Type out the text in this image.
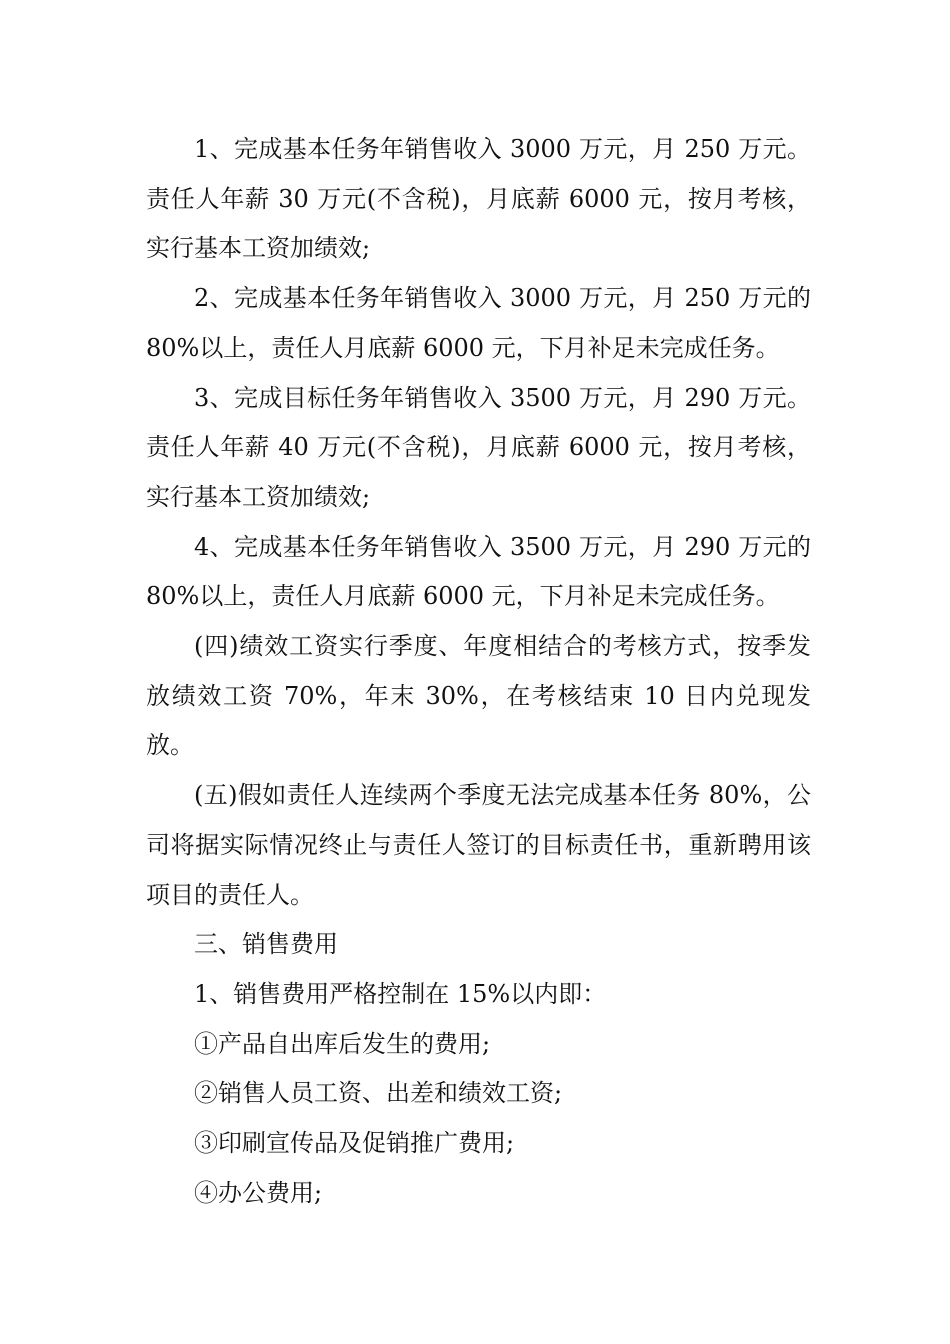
1、完成基本任务年销售收入 3000 万元，月 250 万元。责任人年薪 30 万元(不含税)，月底薪 6000 元，按月考核，实行基本工资加绩效;

2、完成基本任务年销售收入 3000 万元，月 250 万元的 80%以上，责任人月底薪 6000 元，下月补足未完成任务。

3、完成目标任务年销售收入 3500 万元，月 290 万元。责任人年薪 40 万元(不含税)，月底薪 6000 元，按月考核，实行基本工资加绩效;

4、完成基本任务年销售收入 3500 万元，月 290 万元的 80%以上，责任人月底薪 6000 元，下月补足未完成任务。

(四)绩效工资实行季度、年度相结合的考核方式，按季发放绩效工资 70%，年末 30%，在考核结束 10 日内兑现发放。

(五)假如责任人连续两个季度无法完成基本任务 80%，公司将据实际情况终止与责任人签订的目标责任书，重新聘用该项目的责任人。

三、销售费用

1、销售费用严格控制在 15%以内即：

①产品自出库后发生的费用;

②销售人员工资、出差和绩效工资;

③印刷宣传品及促销推广费用;

④办公费用;
